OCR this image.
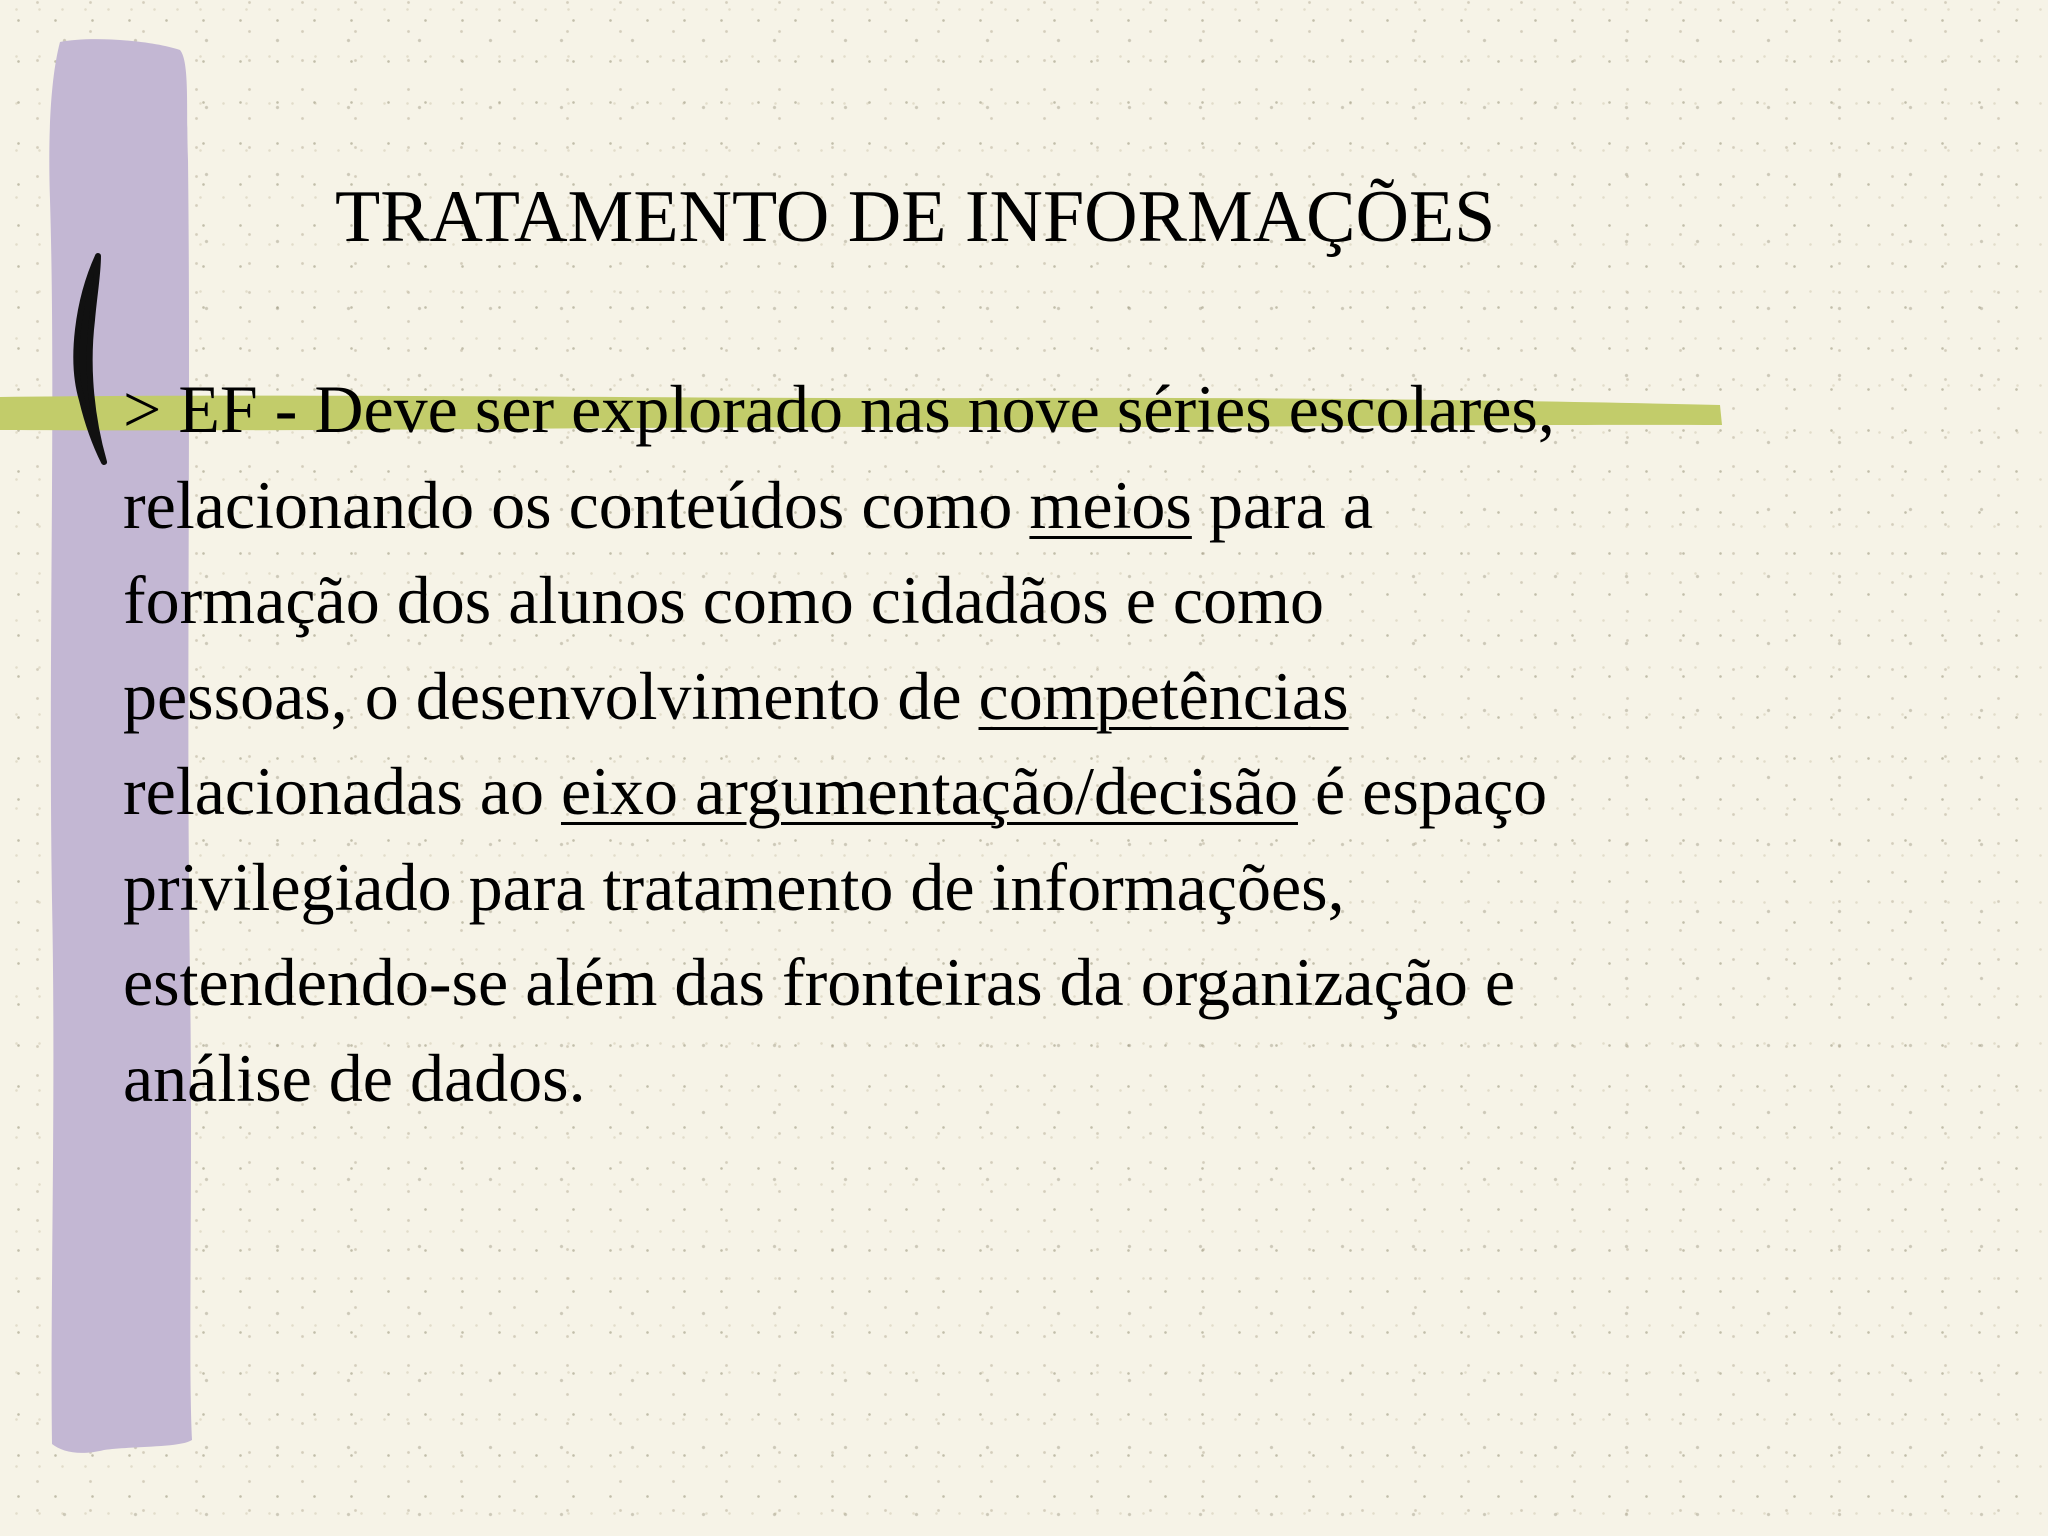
TRATAMENTO DE INFORMAÇÕES
> EF - Deve ser explorado nas nove séries escolares,
relacionando os conteúdos como meios para a
formação dos alunos como cidadãos e como
pessoas, o desenvolvimento de competências
relacionadas ao eixo argumentação/decisão é espaço
privilegiado para tratamento de informações,
estendendo-se além das fronteiras da organização e
análise de dados.
